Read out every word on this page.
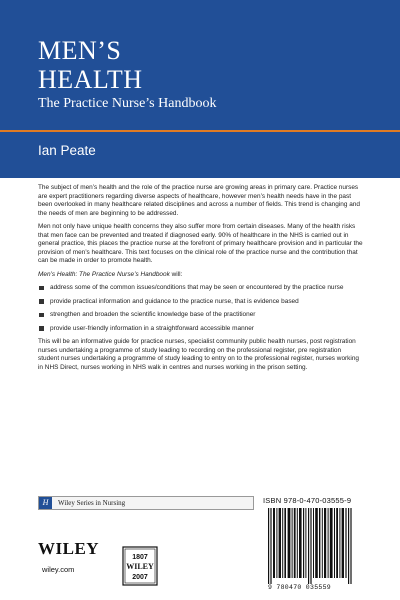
MEN’S
HEALTH

The Practice Nurse’s Handbook

Ian Peate

The subject of men’s health and the role of the practice nurse are growing areas in primary care. Practice nurses are expert practitioners regarding diverse aspects of healthcare, however men’s health needs have in the past been overlooked in many healthcare related disciplines and across a number of fields. This trend is changing and the needs of men are beginning to be addressed.

Men not only have unique health concerns they also suffer more from certain diseases. Many of the health risks that men face can be prevented and treated if diagnosed early. 90% of healthcare in the NHS is carried out in general practice, this places the practice nurse at the forefront of primary healthcare provision and in particular the provision of men’s healthcare. This text focuses on the clinical role of the practice nurse and the contribution that can be made in order to promote health.

Men’s Health: The Practice Nurse’s Handbook will:

address some of the common issues/conditions that may be seen or encountered by the practice nurse
provide practical information and guidance to the practice nurse, that is evidence based
strengthen and broaden the scientific knowledge base of the practitioner
provide user-friendly information in a straightforward accessible manner

This will be an informative guide for practice nurses, specialist community public health nurses, post registration nurses undertaking a programme of study leading to recording on the professional register, pre registration student nurses undertaking a programme of study leading to entry on to the professional register, nurses working in NHS Direct, nurses working in NHS walk in centres and nurses working in the prison setting.

H	Wiley Series in Nursing	ISBN 978-0-470-03555-9
9 780470 035559
WILEY
wiley.com
1807
WILEY
2007
